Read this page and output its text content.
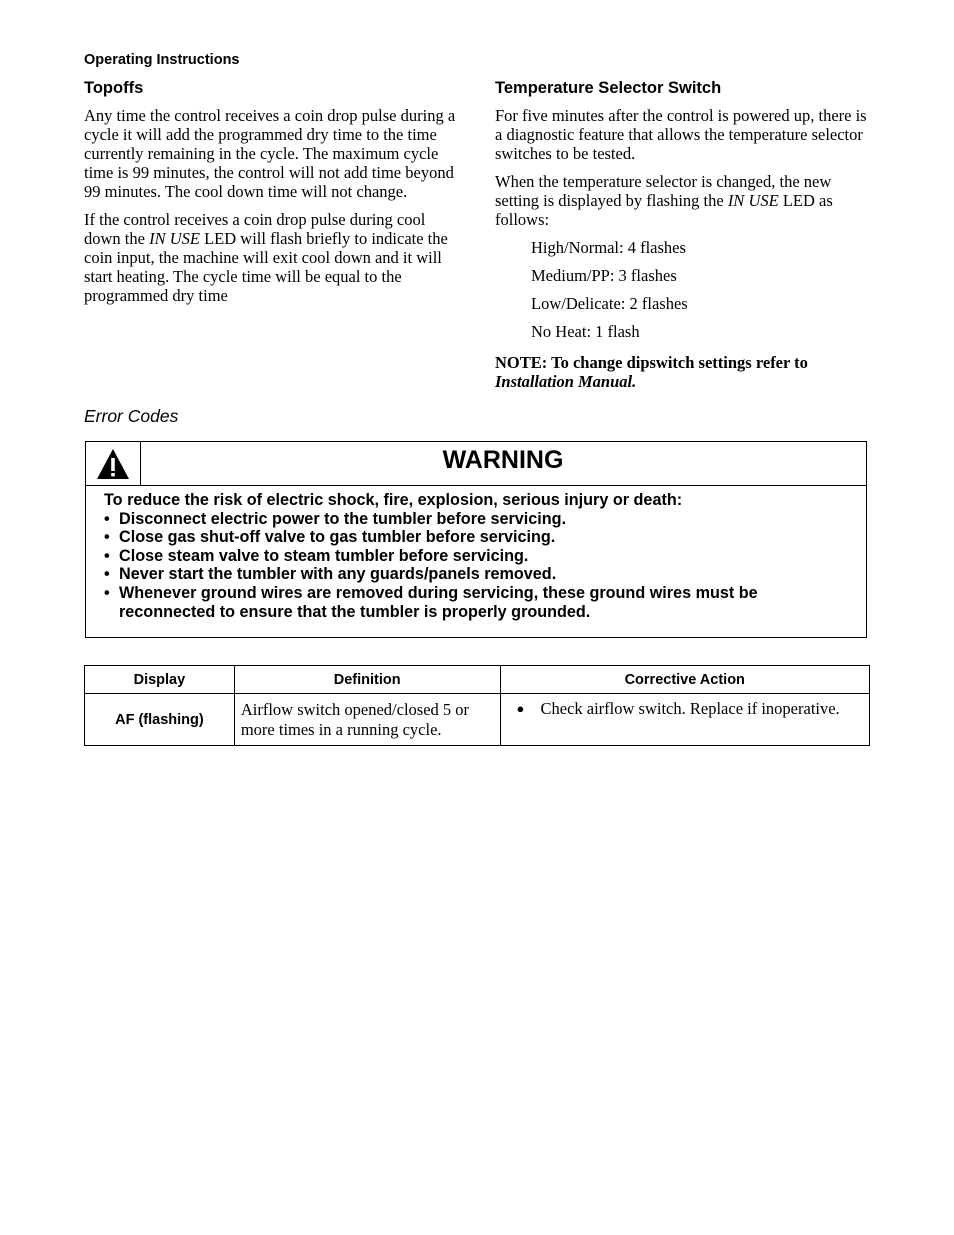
Operating Instructions
Topoffs

Any time the control receives a coin drop pulse during a cycle it will add the programmed dry time to the time currently remaining in the cycle. The maximum cycle time is 99 minutes, the control will not add time beyond 99 minutes. The cool down time will not change.

If the control receives a coin drop pulse during cool down the IN USE LED will flash briefly to indicate the coin input, the machine will exit cool down and it will start heating. The cycle time will be equal to the programmed dry time

Temperature Selector Switch

For five minutes after the control is powered up, there is a diagnostic feature that allows the temperature selector switches to be tested.

When the temperature selector is changed, the new setting is displayed by flashing the IN USE LED as follows:

High/Normal: 4 flashes
Medium/PP: 3 flashes
Low/Delicate: 2 flashes
No Heat: 1 flash

NOTE: To change dipswitch settings refer to Installation Manual.

Error Codes
WARNING
To reduce the risk of electric shock, fire, explosion, serious injury or death:
• Disconnect electric power to the tumbler before servicing.
• Close gas shut-off valve to gas tumbler before servicing.
• Close steam valve to steam tumbler before servicing.
• Never start the tumbler with any guards/panels removed.
• Whenever ground wires are removed during servicing, these ground wires must be reconnected to ensure that the tumbler is properly grounded.
Display	Definition	Corrective Action
AF (flashing)	Airflow switch opened/closed 5 or more times in a running cycle.	● Check airflow switch. Replace if inoperative.
